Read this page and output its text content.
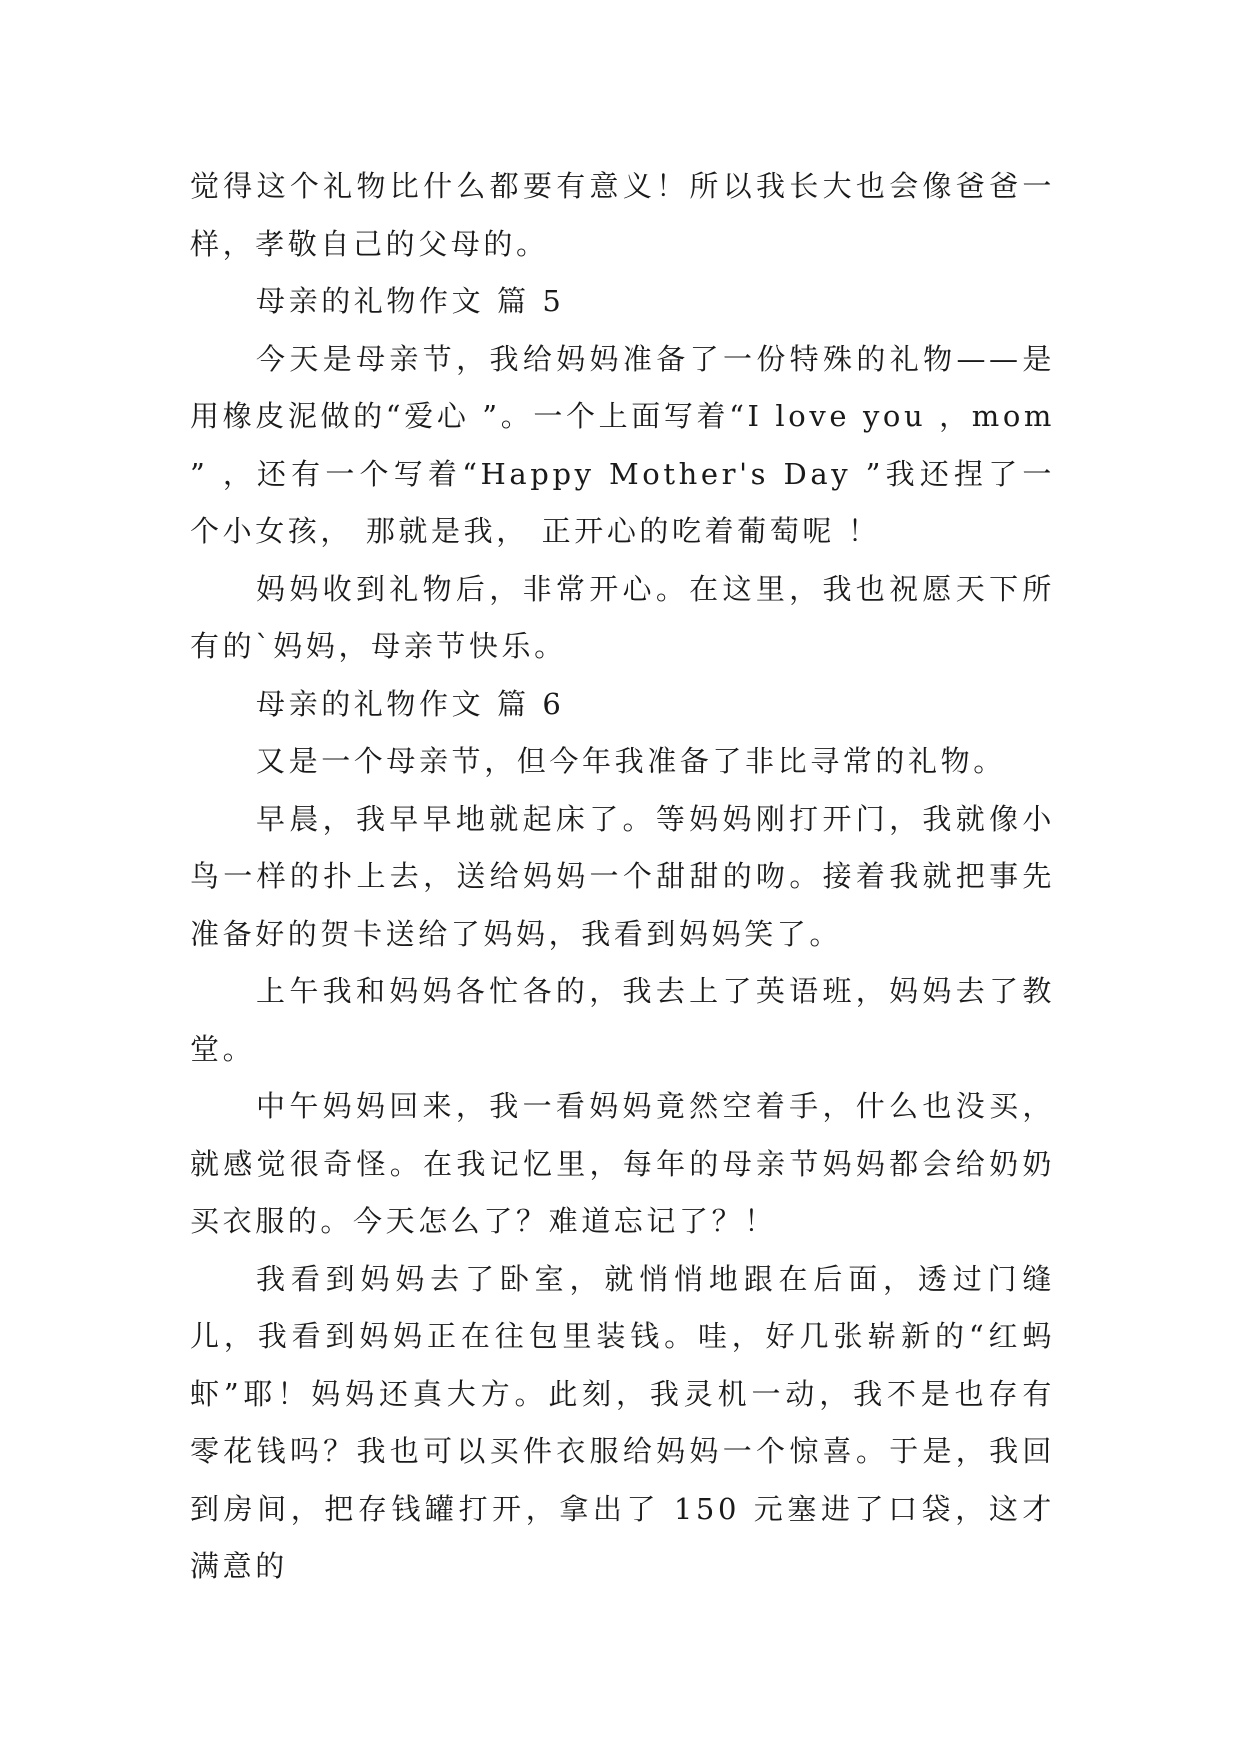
觉得这个礼物比什么都要有意义！所以我长大也会像爸爸一样，孝敬自己的父母的。

母亲的礼物作文 篇 5

今天是母亲节，我给妈妈准备了一份特殊的礼物——是用橡皮泥做的“爱心 ”。一个上面写着“I love you ，mom ” ，还有一个写着“Happy Mother's Day ”我还捏了一个小女孩， 那就是我， 正开心的吃着葡萄呢 ！

妈妈收到礼物后，非常开心。在这里，我也祝愿天下所有的`妈妈，母亲节快乐。

母亲的礼物作文 篇 6

又是一个母亲节，但今年我准备了非比寻常的礼物。

早晨，我早早地就起床了。等妈妈刚打开门，我就像小鸟一样的扑上去，送给妈妈一个甜甜的吻。接着我就把事先准备好的贺卡送给了妈妈，我看到妈妈笑了。

上午我和妈妈各忙各的，我去上了英语班，妈妈去了教堂。

中午妈妈回来，我一看妈妈竟然空着手，什么也没买，就感觉很奇怪。在我记忆里，每年的母亲节妈妈都会给奶奶买衣服的。今天怎么了？难道忘记了？！

我看到妈妈去了卧室，就悄悄地跟在后面，透过门缝儿，我看到妈妈正在往包里装钱。哇，好几张崭新的“红蚂虾”耶！妈妈还真大方。此刻，我灵机一动，我不是也存有零花钱吗？我也可以买件衣服给妈妈一个惊喜。于是，我回到房间，把存钱罐打开，拿出了 150 元塞进了口袋，这才满意的
